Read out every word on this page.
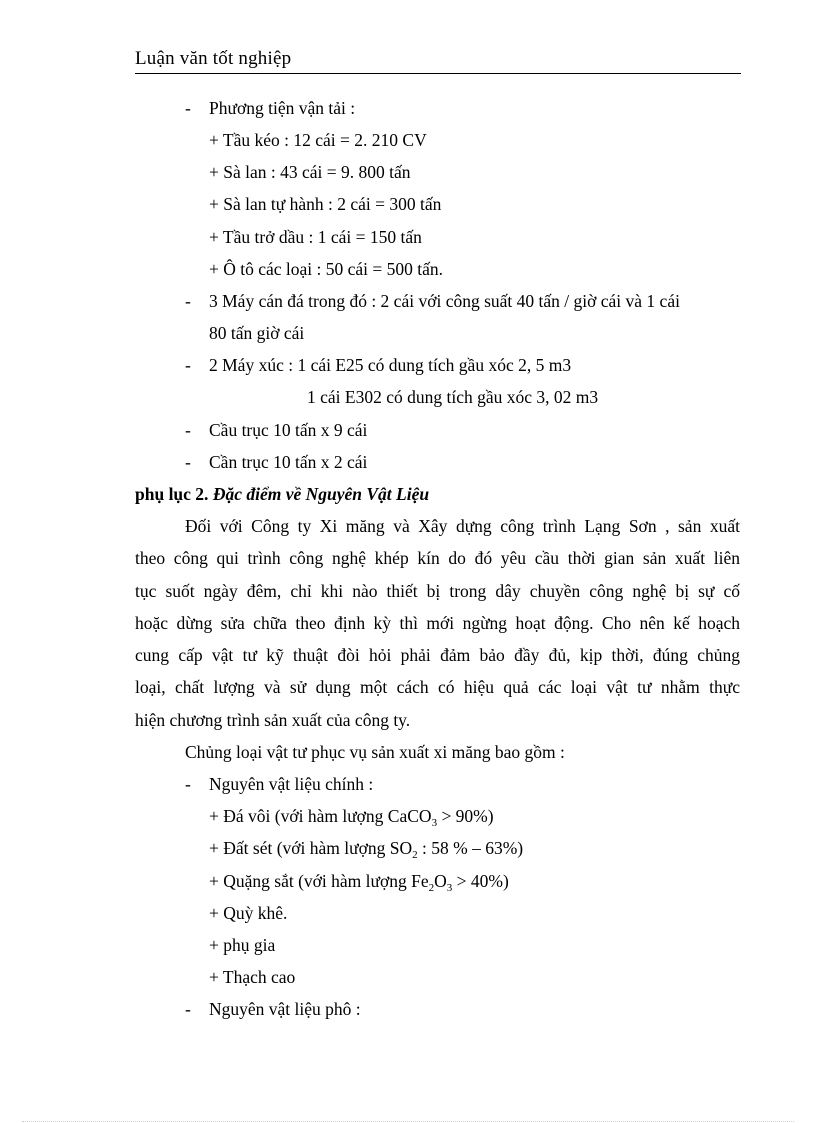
Luận văn tốt nghiệp
- Phương tiện vận tải :
+ Tầu kéo : 12 cái = 2. 210 CV
+ Sà lan : 43 cái = 9. 800 tấn
+ Sà lan tự hành : 2 cái = 300 tấn
+ Tầu trở dầu : 1 cái = 150 tấn
+ Ô tô các loại : 50 cái = 500 tấn.
- 3 Máy cán đá trong đó : 2 cái với công suất 40 tấn / giờ cái và 1 cái
80 tấn giờ cái
- 2 Máy xúc : 1 cái E25 có dung tích gầu xóc 2, 5 m3
1 cái E302 có dung tích gầu xóc 3, 02 m3
- Cầu trục 10 tấn x 9 cái
- Cần trục 10 tấn x 2 cái
phụ lục 2. Đặc điểm về Nguyên Vật Liệu
Đối với Công ty Xi măng và Xây dựng công trình Lạng Sơn , sản xuất
theo công qui trình công nghệ khép kín do đó yêu cầu thời gian sản xuất liên
tục suốt ngày đêm, chỉ khi nào thiết bị trong dây chuyền công nghệ bị sự cố
hoặc dừng sửa chữa theo định kỳ thì mới ngừng hoạt động. Cho nên kế hoạch
cung cấp vật tư kỹ thuật đòi hỏi phải đảm bảo đầy đủ, kịp thời, đúng chủng
loại, chất lượng và sử dụng một cách có hiệu quả các loại vật tư nhằm thực
hiện chương trình sản xuất của công ty.
Chủng loại vật tư phục vụ sản xuất xi măng bao gồm :
- Nguyên vật liệu chính :
+ Đá vôi (với hàm lượng CaCO$_3$ > 90%)
+ Đất sét (với hàm lượng $SO_2$ : 58 % – 63%)
+ Quặng sắt (với hàm lượng $Fe_2O_3 > 40\%$)
+ Quỳ khê.
+ phụ gia
+ Thạch cao
- Nguyên vật liệu phô :
